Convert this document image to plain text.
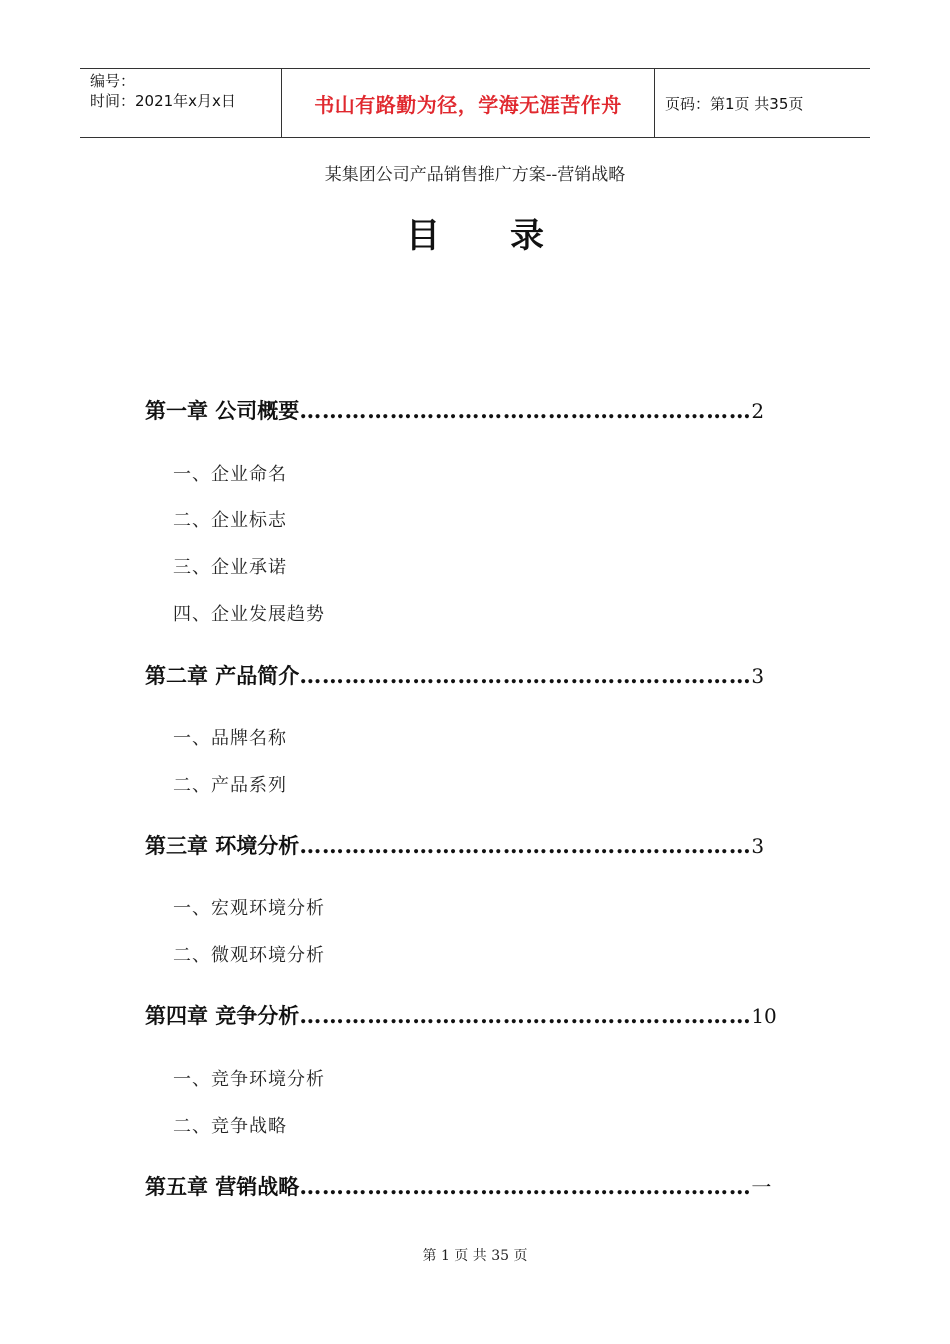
编号：
时间：2021年x月x日	书山有路勤为径，学海无涯苦作舟	页码：第1页 共35页
某集团公司产品销售推广方案--营销战略
目 录
第一章 公司概要……………………………………………………2
一、企业命名
二、企业标志
三、企业承诺
四、企业发展趋势
第二章 产品简介……………………………………………………3
一、品牌名称
二、产品系列
第三章 环境分析……………………………………………………3
一、宏观环境分析
二、微观环境分析
第四章 竞争分析……………………………………………………10
一、竞争环境分析
二、竞争战略
第五章 营销战略……………………………………………………一
第 1 页 共 35 页
